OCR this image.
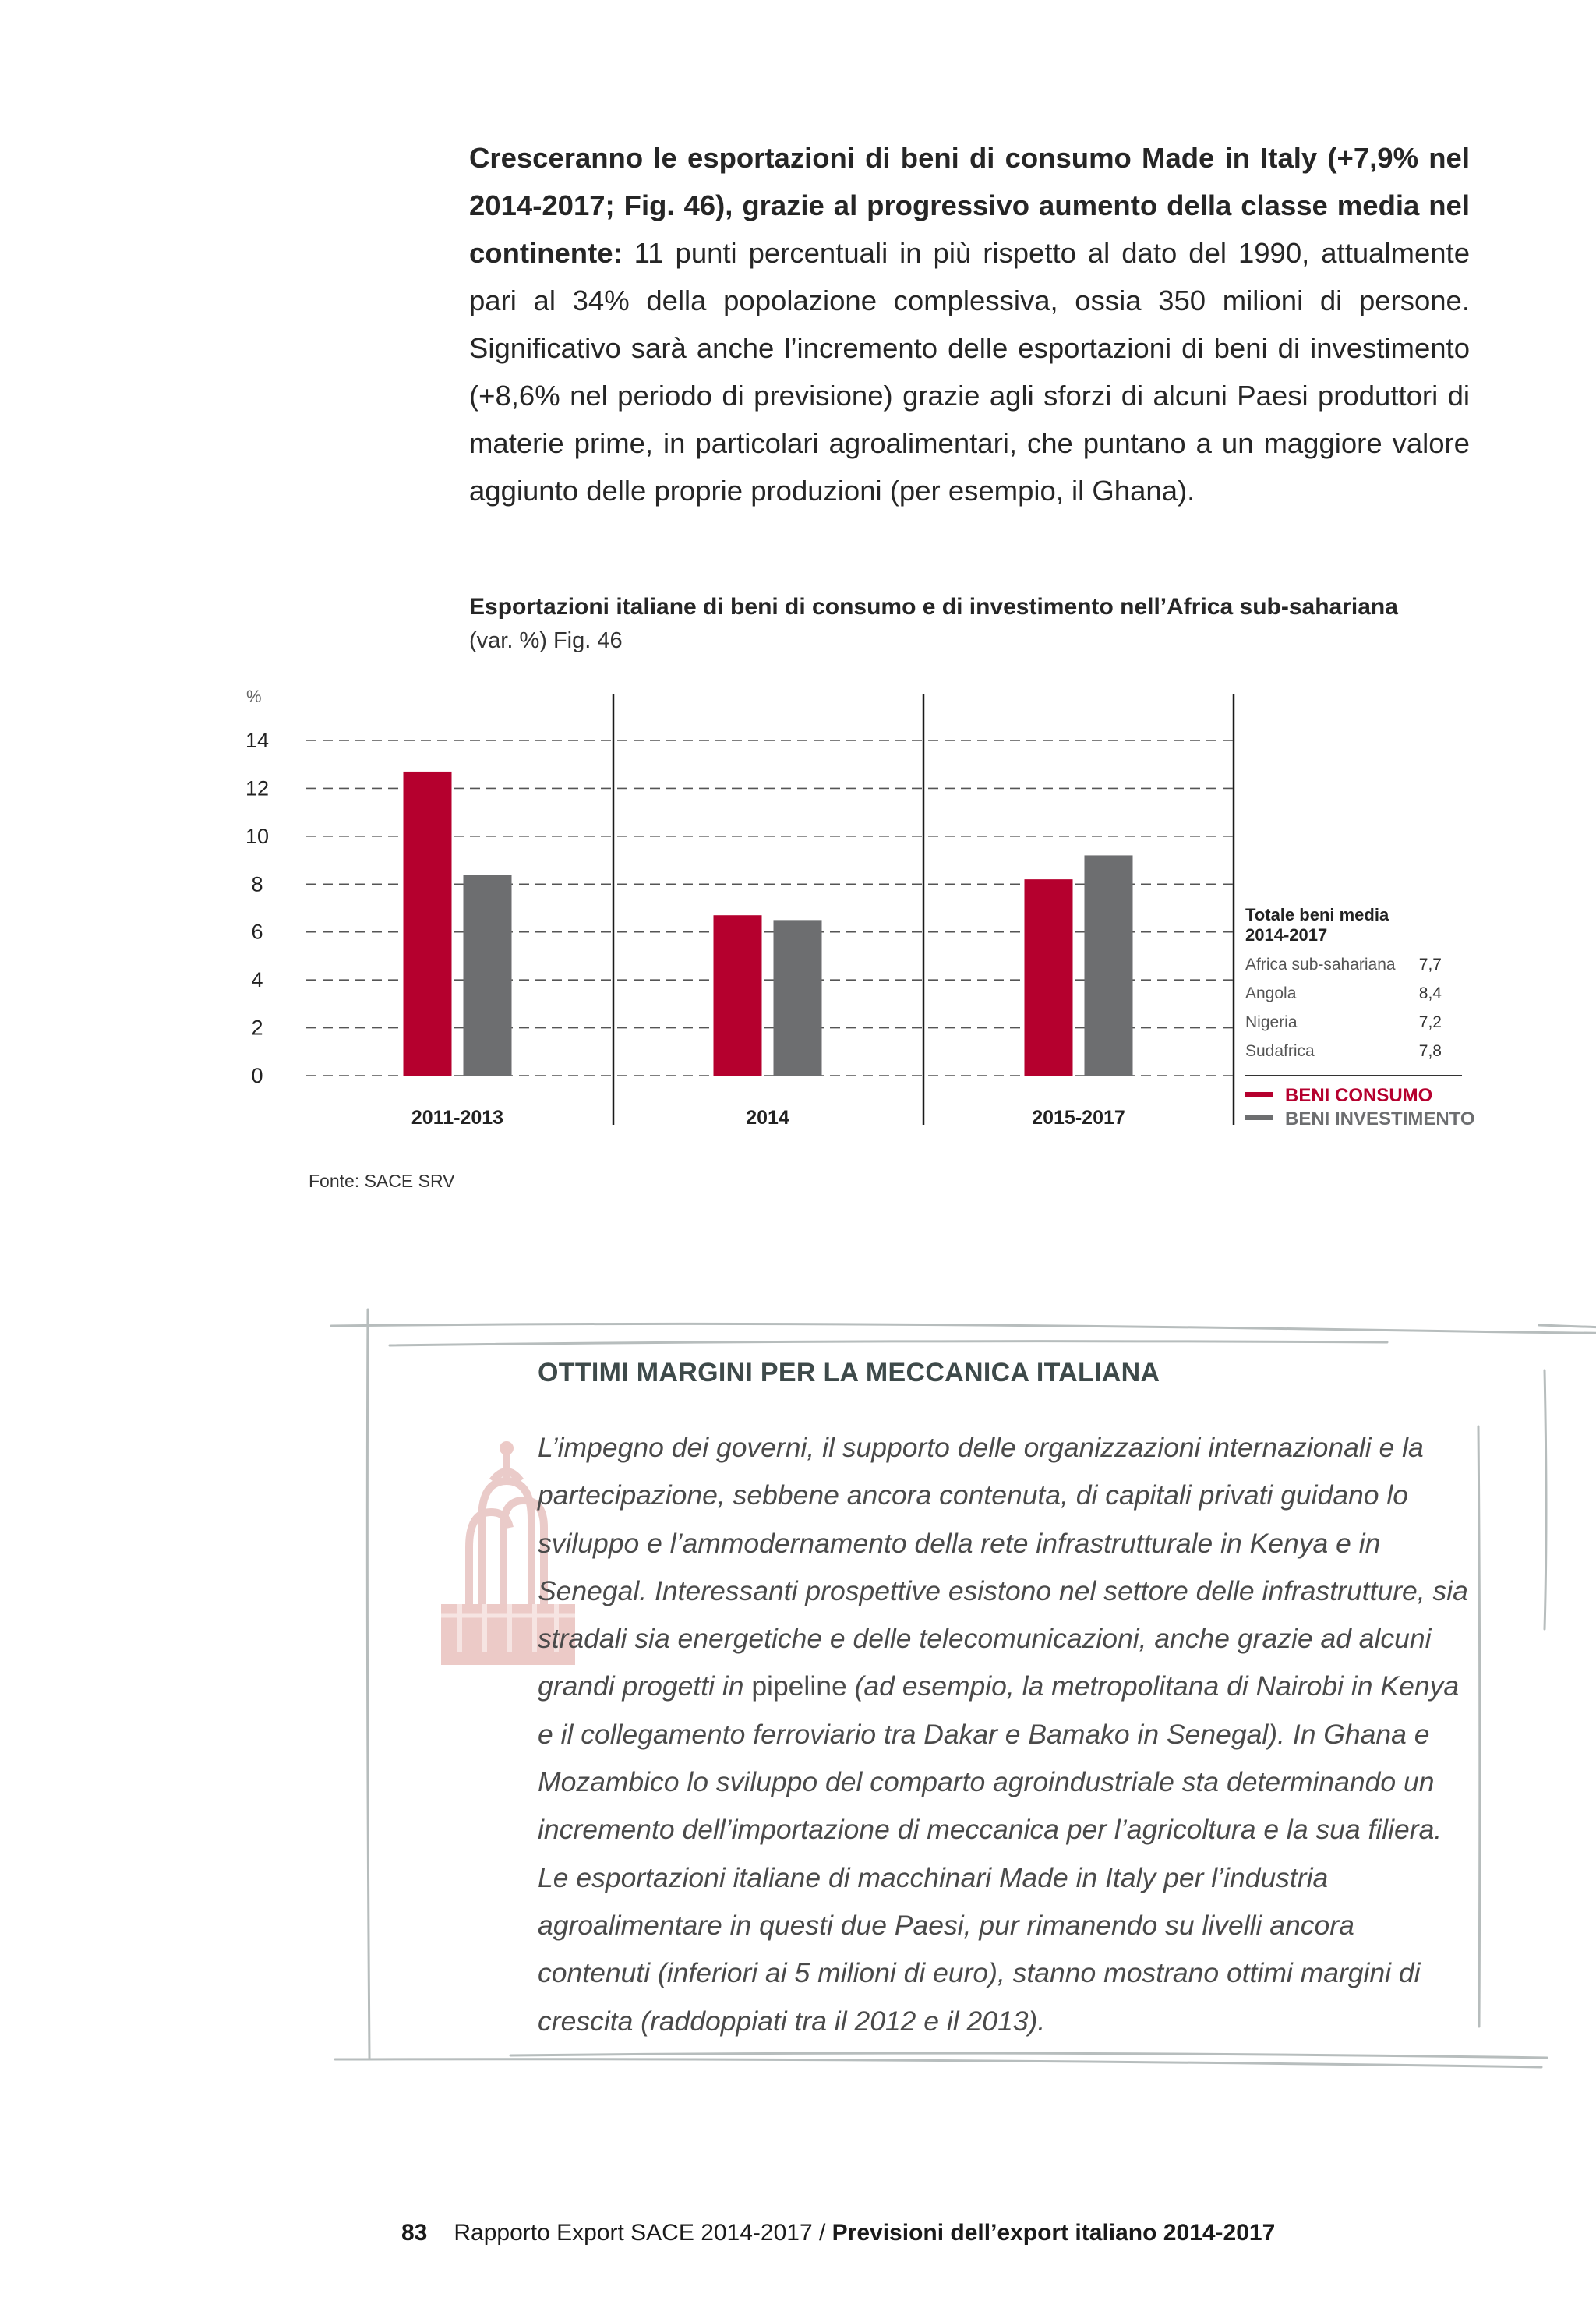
Cresceranno le esportazioni di beni di consumo Made in Italy (+7,9% nel 2014-2017; Fig. 46), grazie al progressivo aumento della classe media nel continente: 11 punti percentuali in più rispetto al dato del 1990, attualmente pari al 34% della popolazione complessiva, ossia 350 milioni di persone. Significativo sarà anche l’incremento delle esportazioni di beni di investimento (+8,6% nel periodo di previsione) grazie agli sforzi di alcuni Paesi produttori di materie prime, in particolari agroalimentari, che puntano a un maggiore valore aggiunto delle proprie produzioni (per esempio, il Ghana).
Esportazioni italiane di beni di consumo e di investimento nell’Africa sub-sahariana
(var. %) Fig. 46
%
0
2
4
6
8
10
12
14
2011-2013	2014	2015-2017
Totale beni media
2014-2017
Africa sub-sahariana 7,7
Angola	8,4
Nigeria	7,2
Sudafrica	7,8
BENI CONSUMO
BENI INVESTIMENTO
Fonte: SACE SRV
OTTIMI MARGINI PER LA MECCANICA ITALIANA
L’impegno dei governi, il supporto delle organizzazioni internazionali e la partecipazione, sebbene ancora contenuta, di capitali privati guidano lo sviluppo e l’ammodernamento della rete infrastrutturale in Kenya e in Senegal. Interessanti prospettive esistono nel settore delle infrastrutture, sia stradali sia energetiche e delle telecomunicazioni, anche grazie ad alcuni grandi progetti in pipeline (ad esempio, la metropolitana di Nairobi in Kenya e il collegamento ferroviario tra Dakar e Bamako in Senegal). In Ghana e Mozambico lo sviluppo del comparto agroindustriale sta determinando un incremento dell’importazione di meccanica per l’agricoltura e la sua filiera. Le esportazioni italiane di macchinari Made in Italy per l’industria agroalimentare in questi due Paesi, pur rimanendo su livelli ancora contenuti (inferiori ai 5 milioni di euro), stanno mostrano ottimi margini di crescita (raddoppiati tra il 2012 e il 2013).
83 Rapporto Export SACE 2014-2017 / Previsioni dell’export italiano 2014-2017
